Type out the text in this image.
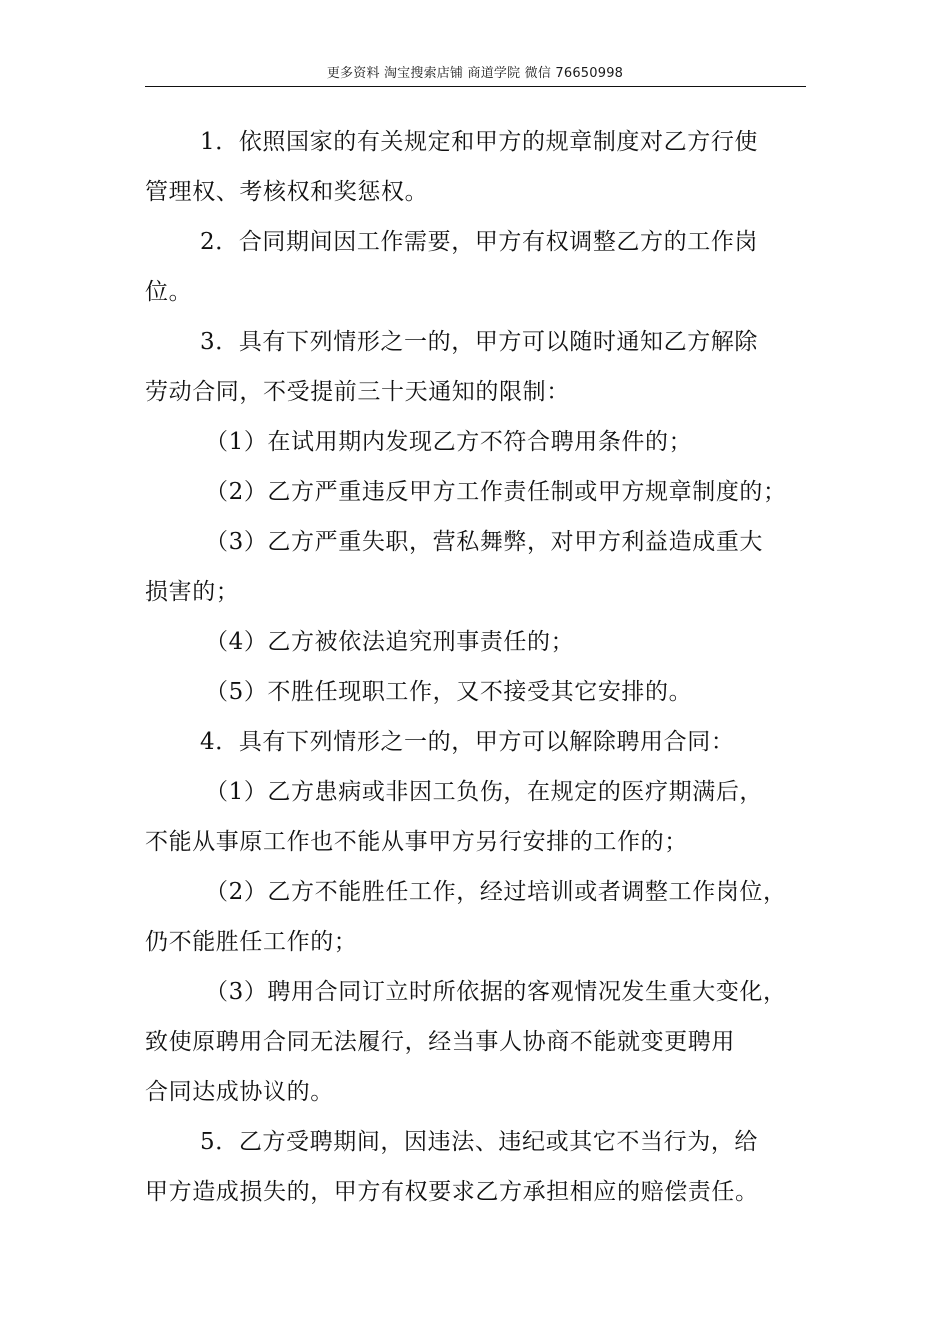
更多资料 淘宝搜索店铺 商道学院 微信 76650998

1．依照国家的有关规定和甲方的规章制度对乙方行使

管理权、考核权和奖惩权。

2．合同期间因工作需要，甲方有权调整乙方的工作岗

位。

3．具有下列情形之一的，甲方可以随时通知乙方解除

劳动合同，不受提前三十天通知的限制：

（1）在试用期内发现乙方不符合聘用条件的；

（2）乙方严重违反甲方工作责任制或甲方规章制度的；

（3）乙方严重失职，营私舞弊，对甲方利益造成重大

损害的；

（4）乙方被依法追究刑事责任的；

（5）不胜任现职工作，又不接受其它安排的。

4．具有下列情形之一的，甲方可以解除聘用合同：

（1）乙方患病或非因工负伤，在规定的医疗期满后，

不能从事原工作也不能从事甲方另行安排的工作的；

（2）乙方不能胜任工作，经过培训或者调整工作岗位，

仍不能胜任工作的；

（3）聘用合同订立时所依据的客观情况发生重大变化，

致使原聘用合同无法履行，经当事人协商不能就变更聘用

合同达成协议的。

5．乙方受聘期间，因违法、违纪或其它不当行为，给

甲方造成损失的，甲方有权要求乙方承担相应的赔偿责任。
